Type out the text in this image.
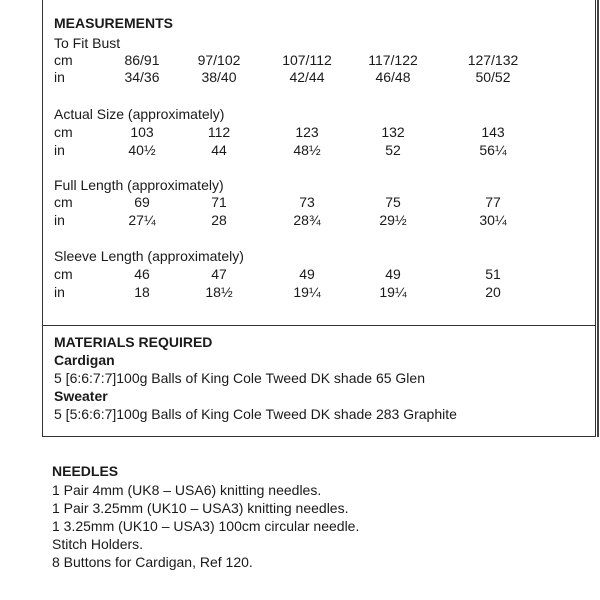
MEASUREMENTS
To Fit Bust
cm	86/91	97/102	107/112	117/122	127/132
in	34/36	38/40	42/44	46/48	50/52
Actual Size (approximately)
cm	103	112	123	132	143
in	40½	44	48½	52	56¼
Full Length (approximately)
cm	69	71	73	75	77
in	27¼	28	28¾	29½	30¼
Sleeve Length (approximately)
cm	46	47	49	49	51
in	18	18½	19¼	19¼	20
MATERIALS REQUIRED
Cardigan
5 [6:6:7:7]100g Balls of King Cole Tweed DK shade 65 Glen
Sweater
5 [5:6:6:7]100g Balls of King Cole Tweed DK shade 283 Graphite
NEEDLES
1 Pair 4mm (UK8 – USA6) knitting needles.
1 Pair 3.25mm (UK10 – USA3) knitting needles.
1 3.25mm (UK10 – USA3) 100cm circular needle.
Stitch Holders.
8 Buttons for Cardigan, Ref 120.
